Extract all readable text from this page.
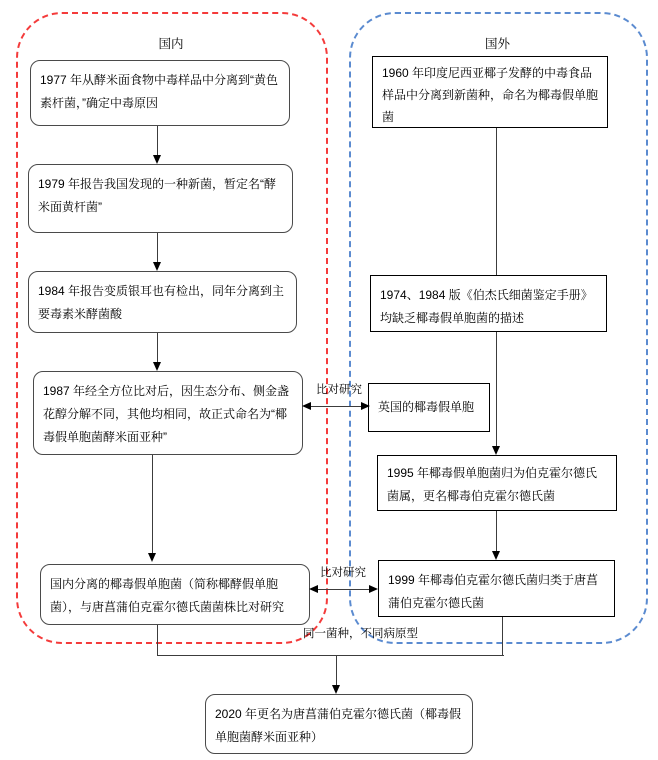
国内	国外
1977 年从酵米面食物中毒样品中分离到“黄色素杆菌，”确定中毒原因
1979 年报告我国发现的一种新菌，暂定名“酵米面黄杆菌”
1984 年报告变质银耳也有检出，同年分离到主要毒素米酵菌酸
1987 年经全方位比对后，因生态分布、侧金盏花醇分解不同，其他均相同，故正式命名为“椰毒假单胞菌酵米面亚种”
国内分离的椰毒假单胞菌（简称椰酵假单胞菌），与唐菖蒲伯克霍尔德氏菌菌株比对研究
1960 年印度尼西亚椰子发酵的中毒食品样品中分离到新菌种，命名为椰毒假单胞菌
1974、1984 版《伯杰氏细菌鉴定手册》均缺乏椰毒假单胞菌的描述
英国的椰毒假单胞
1995 年椰毒假单胞菌归为伯克霍尔德氏菌属，更名椰毒伯克霍尔德氏菌
1999 年椰毒伯克霍尔德氏菌归类于唐菖蒲伯克霍尔德氏菌
2020 年更名为唐菖蒲伯克霍尔德氏菌（椰毒假单胞菌酵米面亚种）
比对研究
比对研究
同一菌种，不同病原型
